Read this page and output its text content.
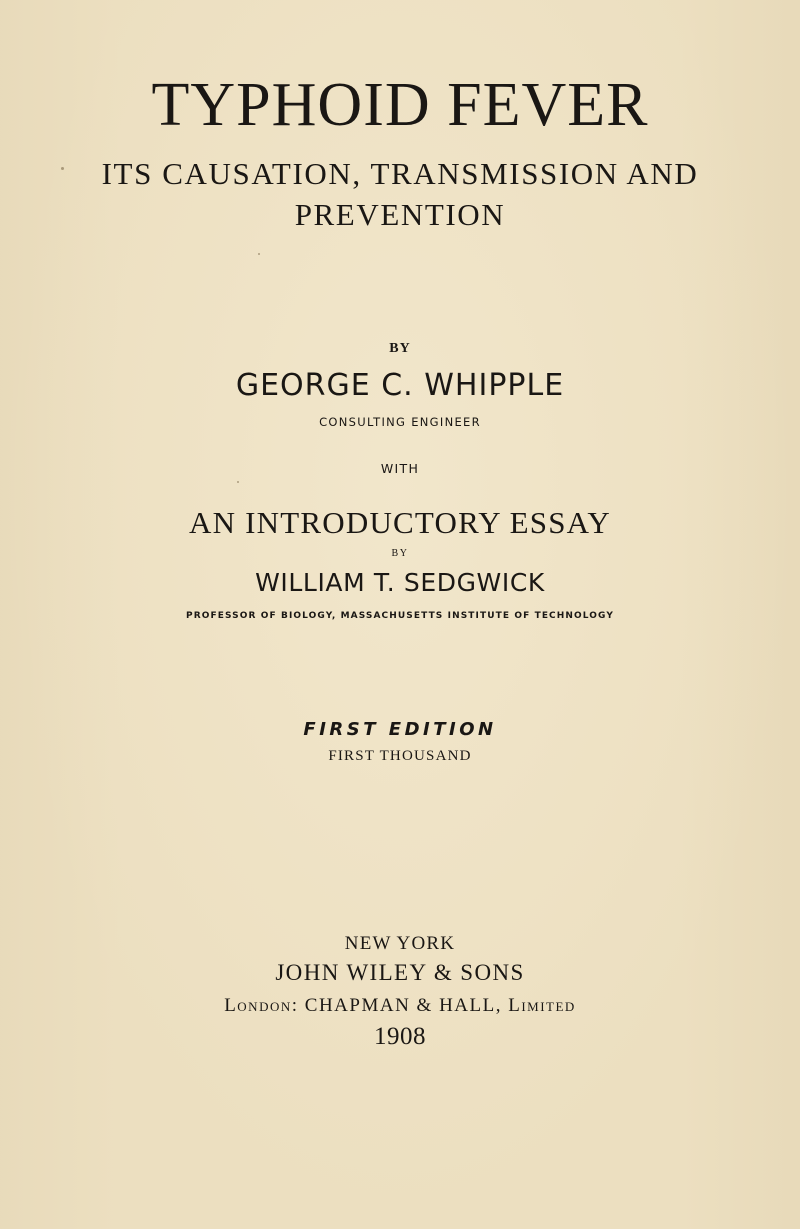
TYPHOID FEVER
ITS CAUSATION, TRANSMISSION AND
PREVENTION
BY
GEORGE C. WHIPPLE
CONSULTING ENGINEER
WITH
AN INTRODUCTORY ESSAY
BY
WILLIAM T. SEDGWICK
PROFESSOR OF BIOLOGY, MASSACHUSETTS INSTITUTE OF TECHNOLOGY
FIRST EDITION
FIRST THOUSAND
NEW YORK
JOHN WILEY & SONS
London: CHAPMAN & HALL, Limited
1908
